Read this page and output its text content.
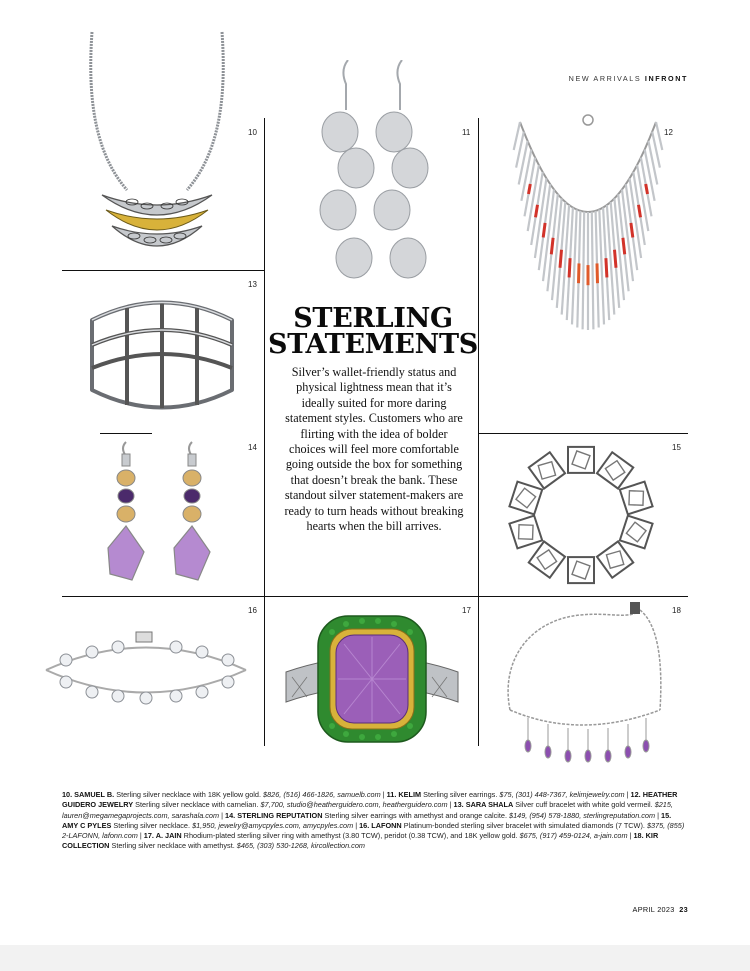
NEW ARRIVALS INFRONT
10	11	12
13
14	15
16	17	18
STERLING
STATEMENTS

Silver’s wallet-friendly status and physical lightness mean that it’s ideally suited for more daring statement styles. Customers who are flirting with the idea of bolder choices will feel more comfortable going outside the box for something that doesn’t break the bank. These standout silver statement-makers are ready to turn heads without breaking hearts when the bill arrives.

10. SAMUEL B. Sterling silver necklace with 18K yellow gold. $826, (516) 466-1826, samuelb.com | 11. KELIM Sterling silver earrings. $75, (301) 448-7367, kelimjewelry.com | 12. HEATHER GUIDERO JEWELRY Sterling silver necklace with carnelian. $7,700, studio@heatherguidero.com, heatherguidero.com | 13. SARA SHALA Silver cuff bracelet with white gold vermeil. $215, lauren@megamegaprojects.com, sarashala.com | 14. STERLING REPUTATION Sterling silver earrings with amethyst and orange calcite. $149, (954) 578-1880, sterlingreputation.com | 15. AMY C PYLES Sterling silver necklace. $1,950, jewelry@amycpyles.com, amycpyles.com | 16. LAFONN Platinum-bonded sterling silver bracelet with simulated diamonds (7 TCW). $375, (855) 2-LAFONN, lafonn.com | 17. A. JAIN Rhodium-plated sterling silver ring with amethyst (3.80 TCW), peridot (0.38 TCW), and 18K yellow gold. $675, (917) 459-0124, a-jain.com | 18. KIR COLLECTION Sterling silver necklace with amethyst. $465, (303) 530-1268, kircollection.com
APRIL 2023 23
